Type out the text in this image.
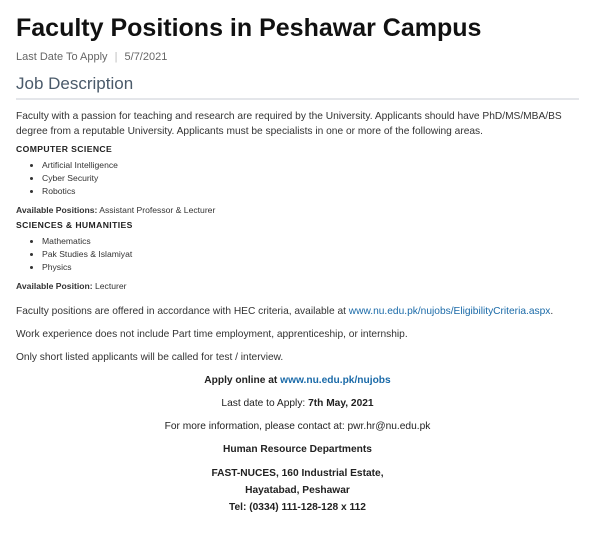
Faculty Positions in Peshawar Campus
Last Date To Apply | 5/7/2021
Job Description
Faculty with a passion for teaching and research are required by the University. Applicants should have PhD/MS/MBA/BS degree from a reputable University. Applicants must be specialists in one or more of the following areas.
COMPUTER SCIENCE
• Artificial Intelligence
• Cyber Security
• Robotics
Available Positions: Assistant Professor & Lecturer
SCIENCES & HUMANITIES
• Mathematics
• Pak Studies & Islamiyat
• Physics
Available Position: Lecturer
Faculty positions are offered in accordance with HEC criteria, available at www.nu.edu.pk/nujobs/EligibilityCriteria.aspx.
Work experience does not include Part time employment, apprenticeship, or internship.
Only short listed applicants will be called for test / interview.
Apply online at www.nu.edu.pk/nujobs
Last date to Apply: 7th May, 2021
For more information, please contact at: pwr.hr@nu.edu.pk
Human Resource Departments
FAST-NUCES, 160 Industrial Estate,
Hayatabad, Peshawar
Tel: (0334) 111-128-128 x 112
